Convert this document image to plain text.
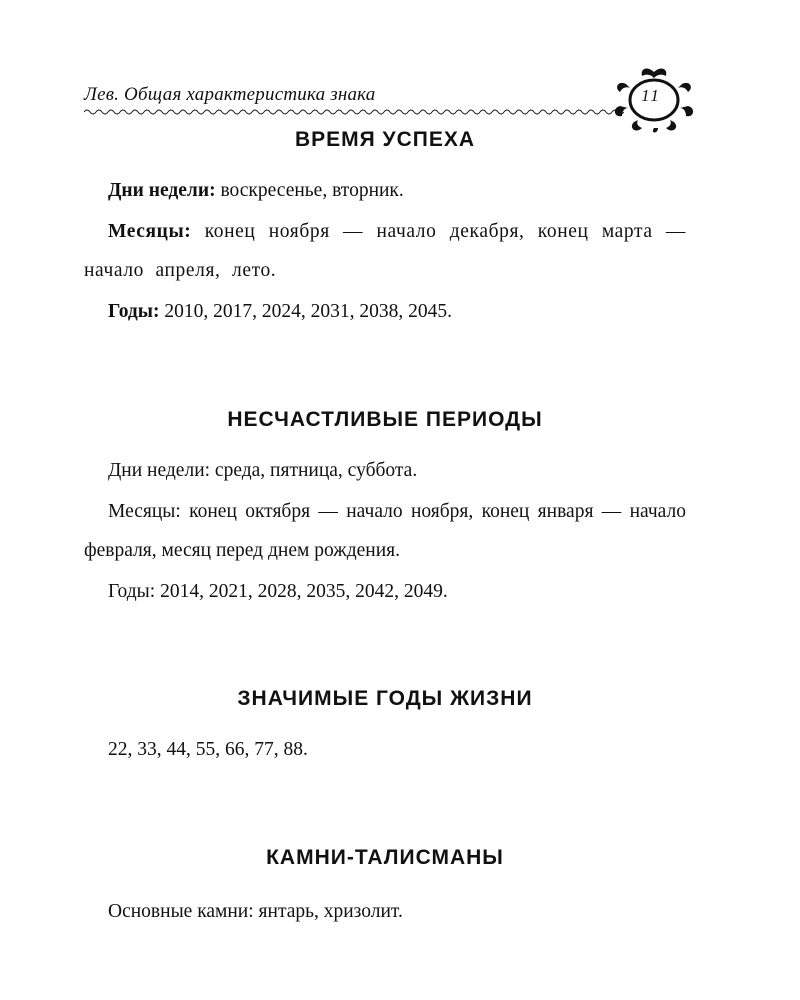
Лев. Общая характеристика знака	11
ВРЕМЯ УСПЕХА

Дни недели: воскресенье, вторник.

Месяцы: конец ноября — начало декабря, конец марта — начало апреля, лето.

Годы: 2010, 2017, 2024, 2031, 2038, 2045.

НЕСЧАСТЛИВЫЕ ПЕРИОДЫ

Дни недели: среда, пятница, суббота.

Месяцы: конец октября — начало ноября, конец января — начало февраля, месяц перед днем рождения.

Годы: 2014, 2021, 2028, 2035, 2042, 2049.

ЗНАЧИМЫЕ ГОДЫ ЖИЗНИ

22, 33, 44, 55, 66, 77, 88.

КАМНИ-ТАЛИСМАНЫ

Основные камни: янтарь, хризолит.
